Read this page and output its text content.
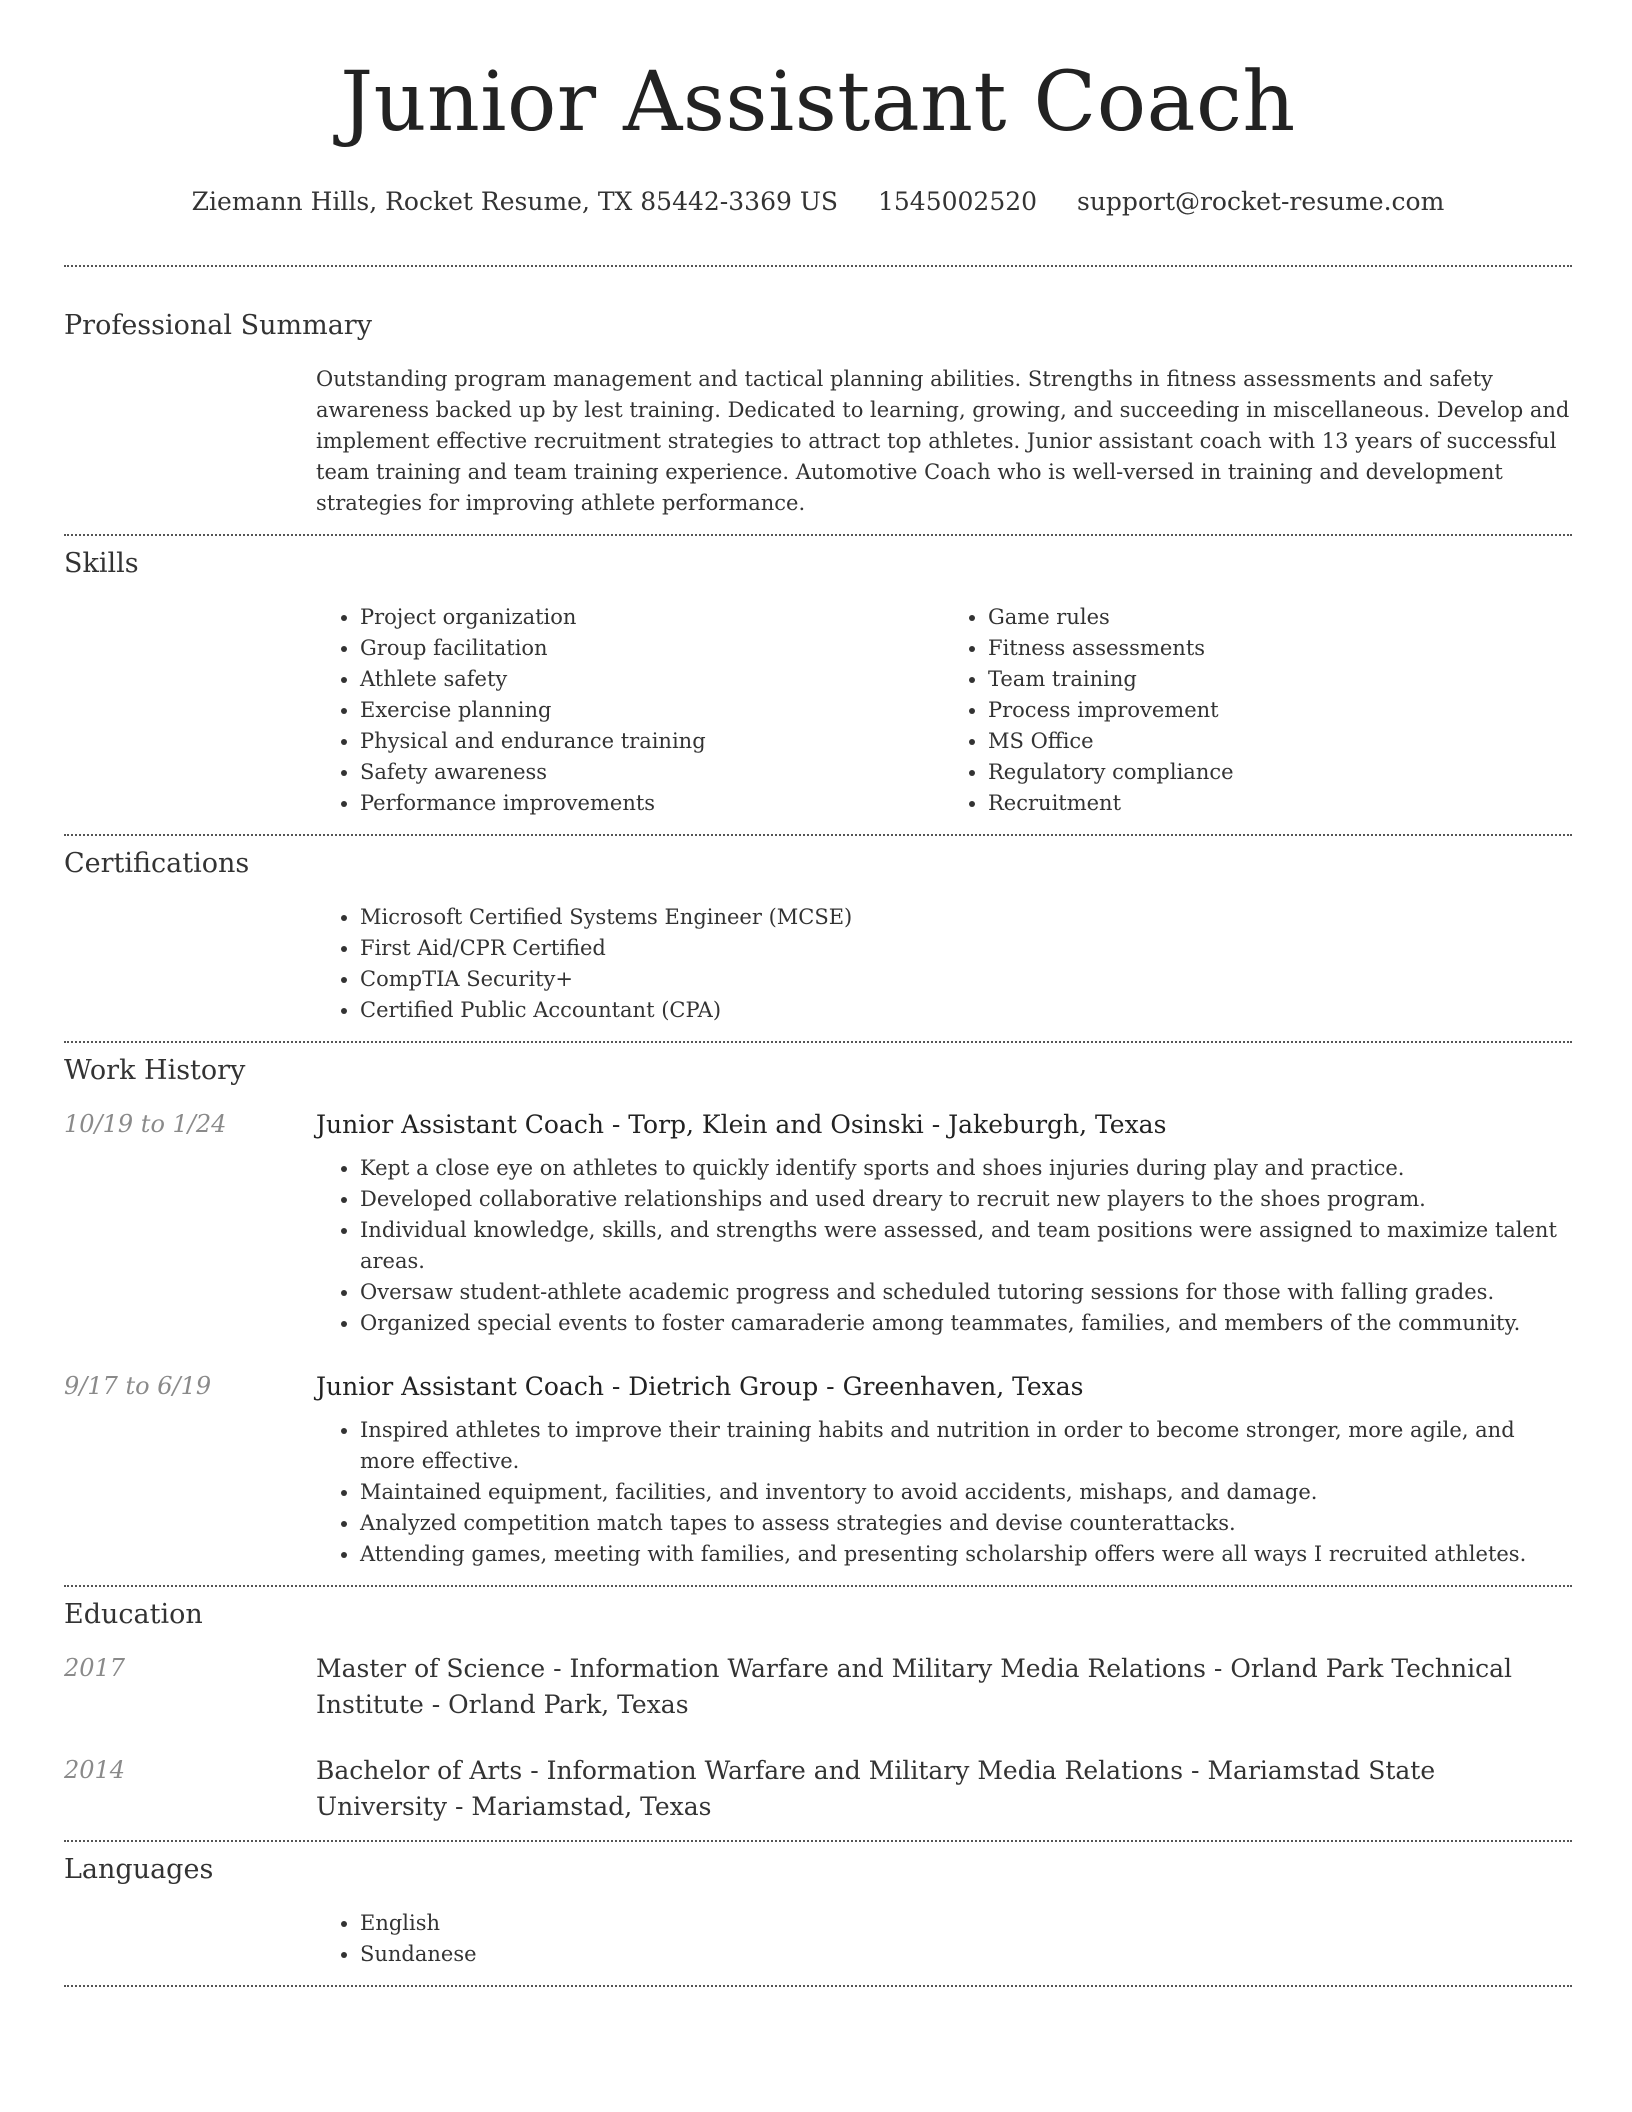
Junior Assistant Coach
Ziemann Hills, Rocket Resume, TX 85442-3369 US 1545002520 support@rocket-resume.com
Professional Summary
Outstanding program management and tactical planning abilities. Strengths in fitness assessments and safety awareness backed up by lest training. Dedicated to learning, growing, and succeeding in miscellaneous. Develop and implement effective recruitment strategies to attract top athletes. Junior assistant coach with 13 years of successful team training and team training experience. Automotive Coach who is well-versed in training and development strategies for improving athlete performance.
Skills
• Project organization
• Group facilitation
• Athlete safety
• Exercise planning
• Physical and endurance training
• Safety awareness
• Performance improvements
• Game rules
• Fitness assessments
• Team training
• Process improvement
• MS Office
• Regulatory compliance
• Recruitment
Certifications
• Microsoft Certified Systems Engineer (MCSE)
• First Aid/CPR Certified
• CompTIA Security+
• Certified Public Accountant (CPA)
Work History
10/19 to 1/24	Junior Assistant Coach - Torp, Klein and Osinski - Jakeburgh, Texas
• Kept a close eye on athletes to quickly identify sports and shoes injuries during play and practice.
• Developed collaborative relationships and used dreary to recruit new players to the shoes program.
• Individual knowledge, skills, and strengths were assessed, and team positions were assigned to maximize talent areas.
• Oversaw student-athlete academic progress and scheduled tutoring sessions for those with falling grades.
• Organized special events to foster camaraderie among teammates, families, and members of the community.
9/17 to 6/19	Junior Assistant Coach - Dietrich Group - Greenhaven, Texas
• Inspired athletes to improve their training habits and nutrition in order to become stronger, more agile, and more effective.
• Maintained equipment, facilities, and inventory to avoid accidents, mishaps, and damage.
• Analyzed competition match tapes to assess strategies and devise counterattacks.
• Attending games, meeting with families, and presenting scholarship offers were all ways I recruited athletes.
Education
2017	Master of Science - Information Warfare and Military Media Relations - Orland Park Technical Institute - Orland Park, Texas
2014	Bachelor of Arts - Information Warfare and Military Media Relations - Mariamstad State University - Mariamstad, Texas
Languages
• English
• Sundanese
